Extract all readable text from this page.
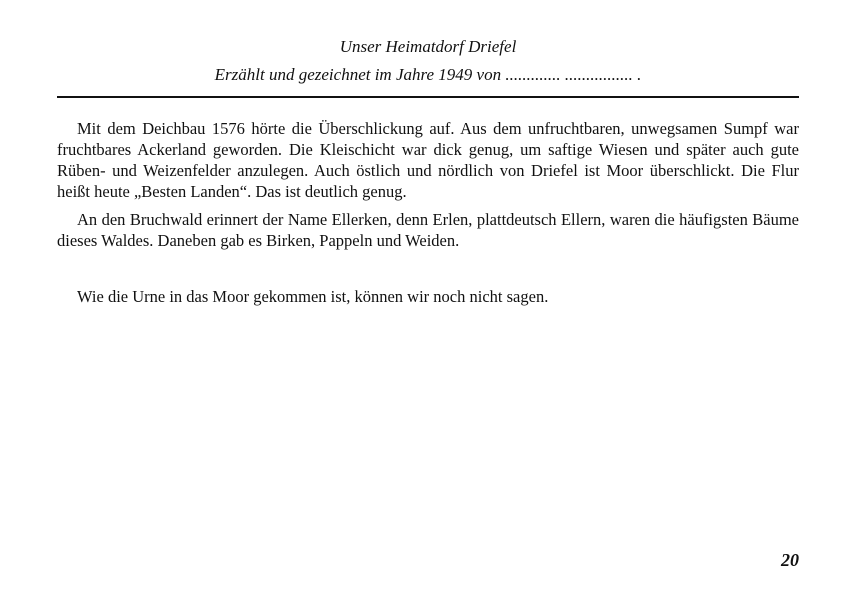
Unser Heimatdorf Driefel
Erzählt und gezeichnet im Jahre 1949 von ............. ................ .

Mit dem Deichbau 1576 hörte die Überschlickung auf. Aus dem unfruchtbaren, unwegsamen Sumpf war fruchtbares Ackerland geworden. Die Kleischicht war dick genug, um saftige Wiesen und später auch gute Rüben- und Weizenfelder anzulegen. Auch östlich und nördlich von Driefel ist Moor überschlickt. Die Flur heißt heute „Besten Landen“. Das ist deutlich genug.

An den Bruchwald erinnert der Name Ellerken, denn Erlen, plattdeutsch Ellern, waren die häufigsten Bäume dieses Waldes. Daneben gab es Birken, Pappeln und Weiden.

Wie die Urne in das Moor gekommen ist, können wir noch nicht sagen.

20
